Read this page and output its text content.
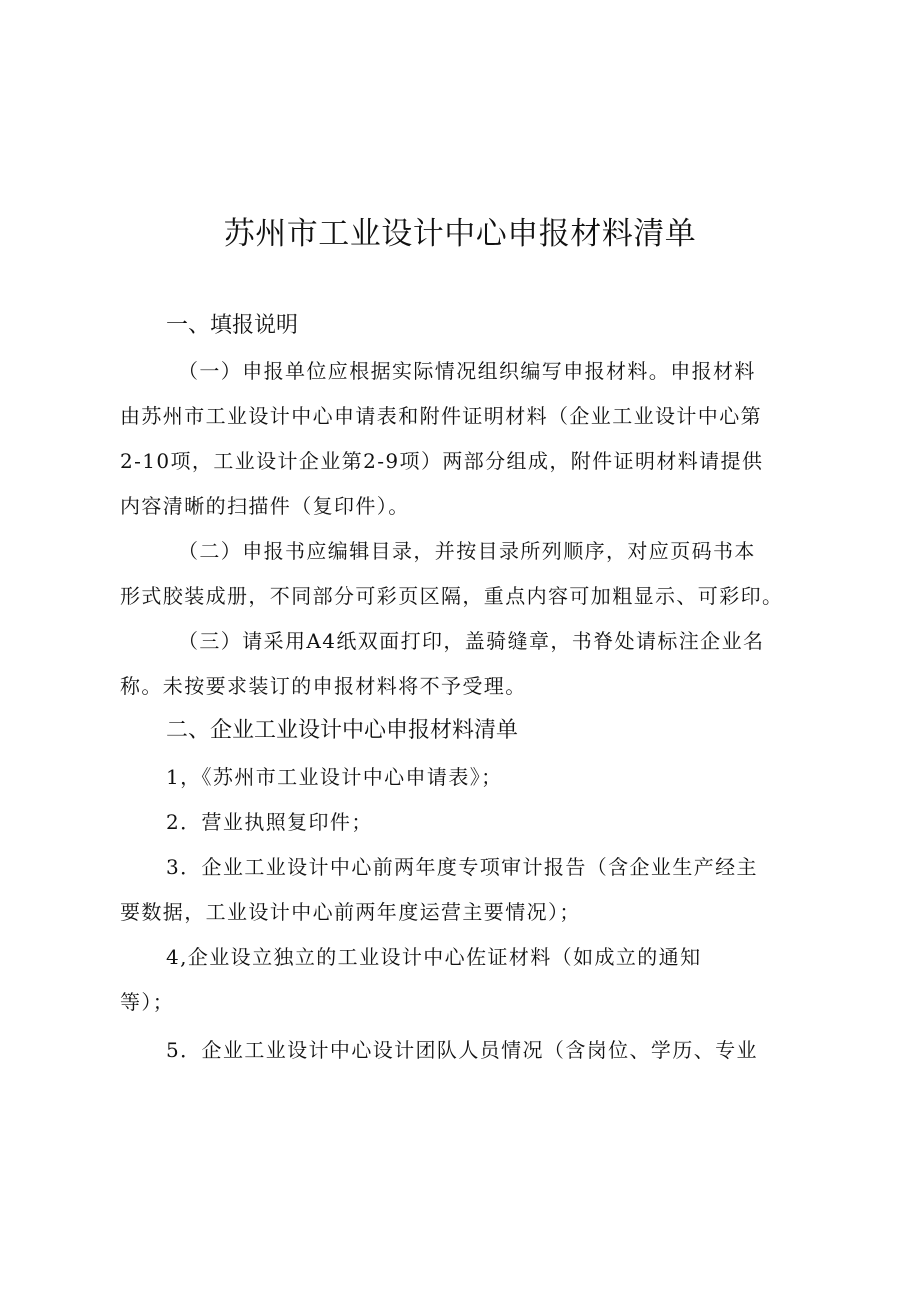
苏州市工业设计中心申报材料清单
一、填报说明
（一）申报单位应根据实际情况组织编写申报材料。申报材料
由苏州市工业设计中心申请表和附件证明材料（企业工业设计中心第
2-10项，工业设计企业第2-9项）两部分组成，附件证明材料请提供
内容清晰的扫描件（复印件）。
（二）申报书应编辑目录，并按目录所列顺序，对应页码书本
形式胶装成册，不同部分可彩页区隔，重点内容可加粗显示、可彩印。
（三）请采用A4纸双面打印，盖骑缝章，书脊处请标注企业名
称。未按要求装订的申报材料将不予受理。
二、企业工业设计中心申报材料清单
1，《苏州市工业设计中心申请表》；
2．营业执照复印件；
3．企业工业设计中心前两年度专项审计报告（含企业生产经主
要数据，工业设计中心前两年度运营主要情况）；
4,企业设立独立的工业设计中心佐证材料（如成立的通知
等）；
5．企业工业设计中心设计团队人员情况（含岗位、学历、专业
